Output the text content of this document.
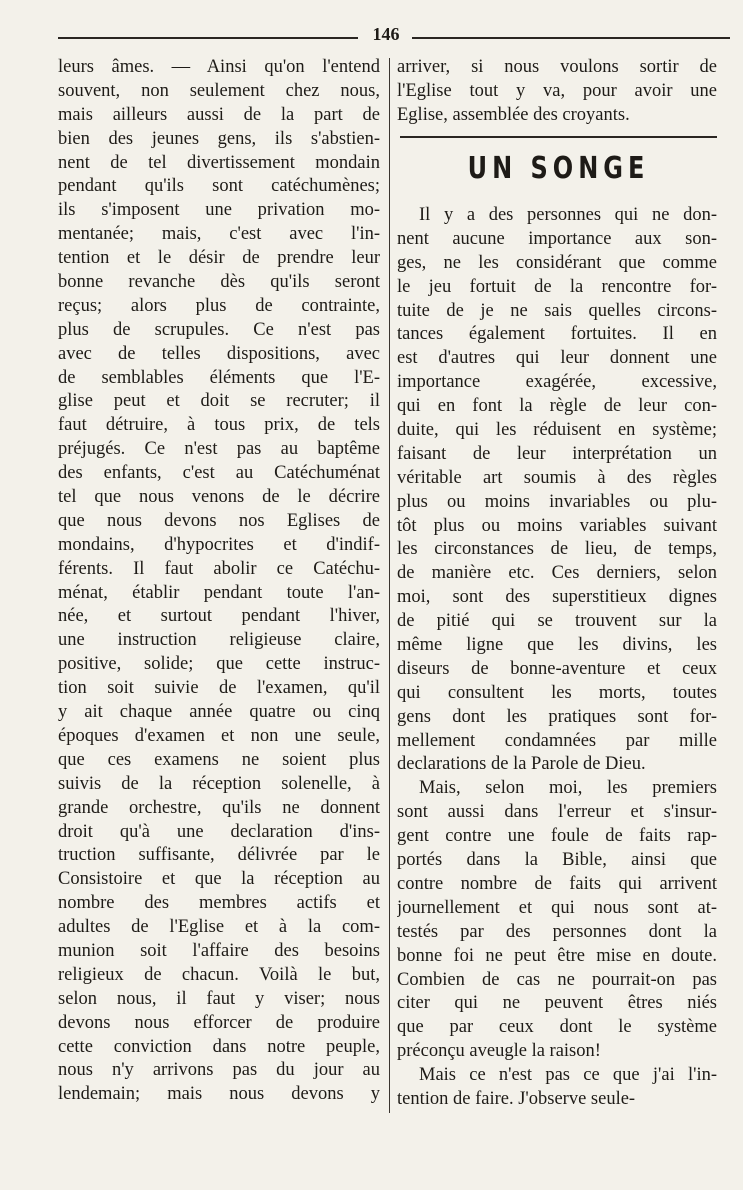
146
leurs âmes. — Ainsi qu'on l'entend
souvent, non seulement chez nous,
mais ailleurs aussi de la part de
bien des jeunes gens, ils s'abstien-
nent de tel divertissement mondain
pendant qu'ils sont catéchumènes;
ils s'imposent une privation mo-
mentanée; mais, c'est avec l'in-
tention et le désir de prendre leur
bonne revanche dès qu'ils seront
reçus; alors plus de contrainte,
plus de scrupules. Ce n'est pas
avec de telles dispositions, avec
de semblables éléments que l'E-
glise peut et doit se recruter; il
faut détruire, à tous prix, de tels
préjugés. Ce n'est pas au baptême
des enfants, c'est au Catéchuménat
tel que nous venons de le décrire
que nous devons nos Eglises de
mondains, d'hypocrites et d'indif-
férents. Il faut abolir ce Catéchu-
ménat, établir pendant toute l'an-
née, et surtout pendant l'hiver,
une instruction religieuse claire,
positive, solide; que cette instruc-
tion soit suivie de l'examen, qu'il
y ait chaque année quatre ou cinq
époques d'examen et non une seule,
que ces examens ne soient plus
suivis de la réception solenelle, à
grande orchestre, qu'ils ne donnent
droit qu'à une declaration d'ins-
truction suffisante, délivrée par le
Consistoire et que la réception au
nombre des membres actifs et
adultes de l'Eglise et à la com-
munion soit l'affaire des besoins
religieux de chacun. Voilà le but,
selon nous, il faut y viser; nous
devons nous efforcer de produire
cette conviction dans notre peuple,
nous n'y arrivons pas du jour au
lendemain; mais nous devons y
arriver, si nous voulons sortir de
l'Eglise tout y va, pour avoir une
Eglise, assemblée des croyants.
UN SONGE
Il y a des personnes qui ne don-
nent aucune importance aux son-
ges, ne les considérant que comme
le jeu fortuit de la rencontre for-
tuite de je ne sais quelles circons-
tances également fortuites. Il en
est d'autres qui leur donnent une
importance exagérée, excessive,
qui en font la règle de leur con-
duite, qui les réduisent en système;
faisant de leur interprétation un
véritable art soumis à des règles
plus ou moins invariables ou plu-
tôt plus ou moins variables suivant
les circonstances de lieu, de temps,
de manière etc. Ces derniers, selon
moi, sont des superstitieux dignes
de pitié qui se trouvent sur la
même ligne que les divins, les
diseurs de bonne-aventure et ceux
qui consultent les morts, toutes
gens dont les pratiques sont for-
mellement condamnées par mille
declarations de la Parole de Dieu.
Mais, selon moi, les premiers
sont aussi dans l'erreur et s'insur-
gent contre une foule de faits rap-
portés dans la Bible, ainsi que
contre nombre de faits qui arrivent
journellement et qui nous sont at-
testés par des personnes dont la
bonne foi ne peut être mise en doute.
Combien de cas ne pourrait-on pas
citer qui ne peuvent êtres niés
que par ceux dont le système
préconçu aveugle la raison!
Mais ce n'est pas ce que j'ai l'in-
tention de faire. J'observe seule-
